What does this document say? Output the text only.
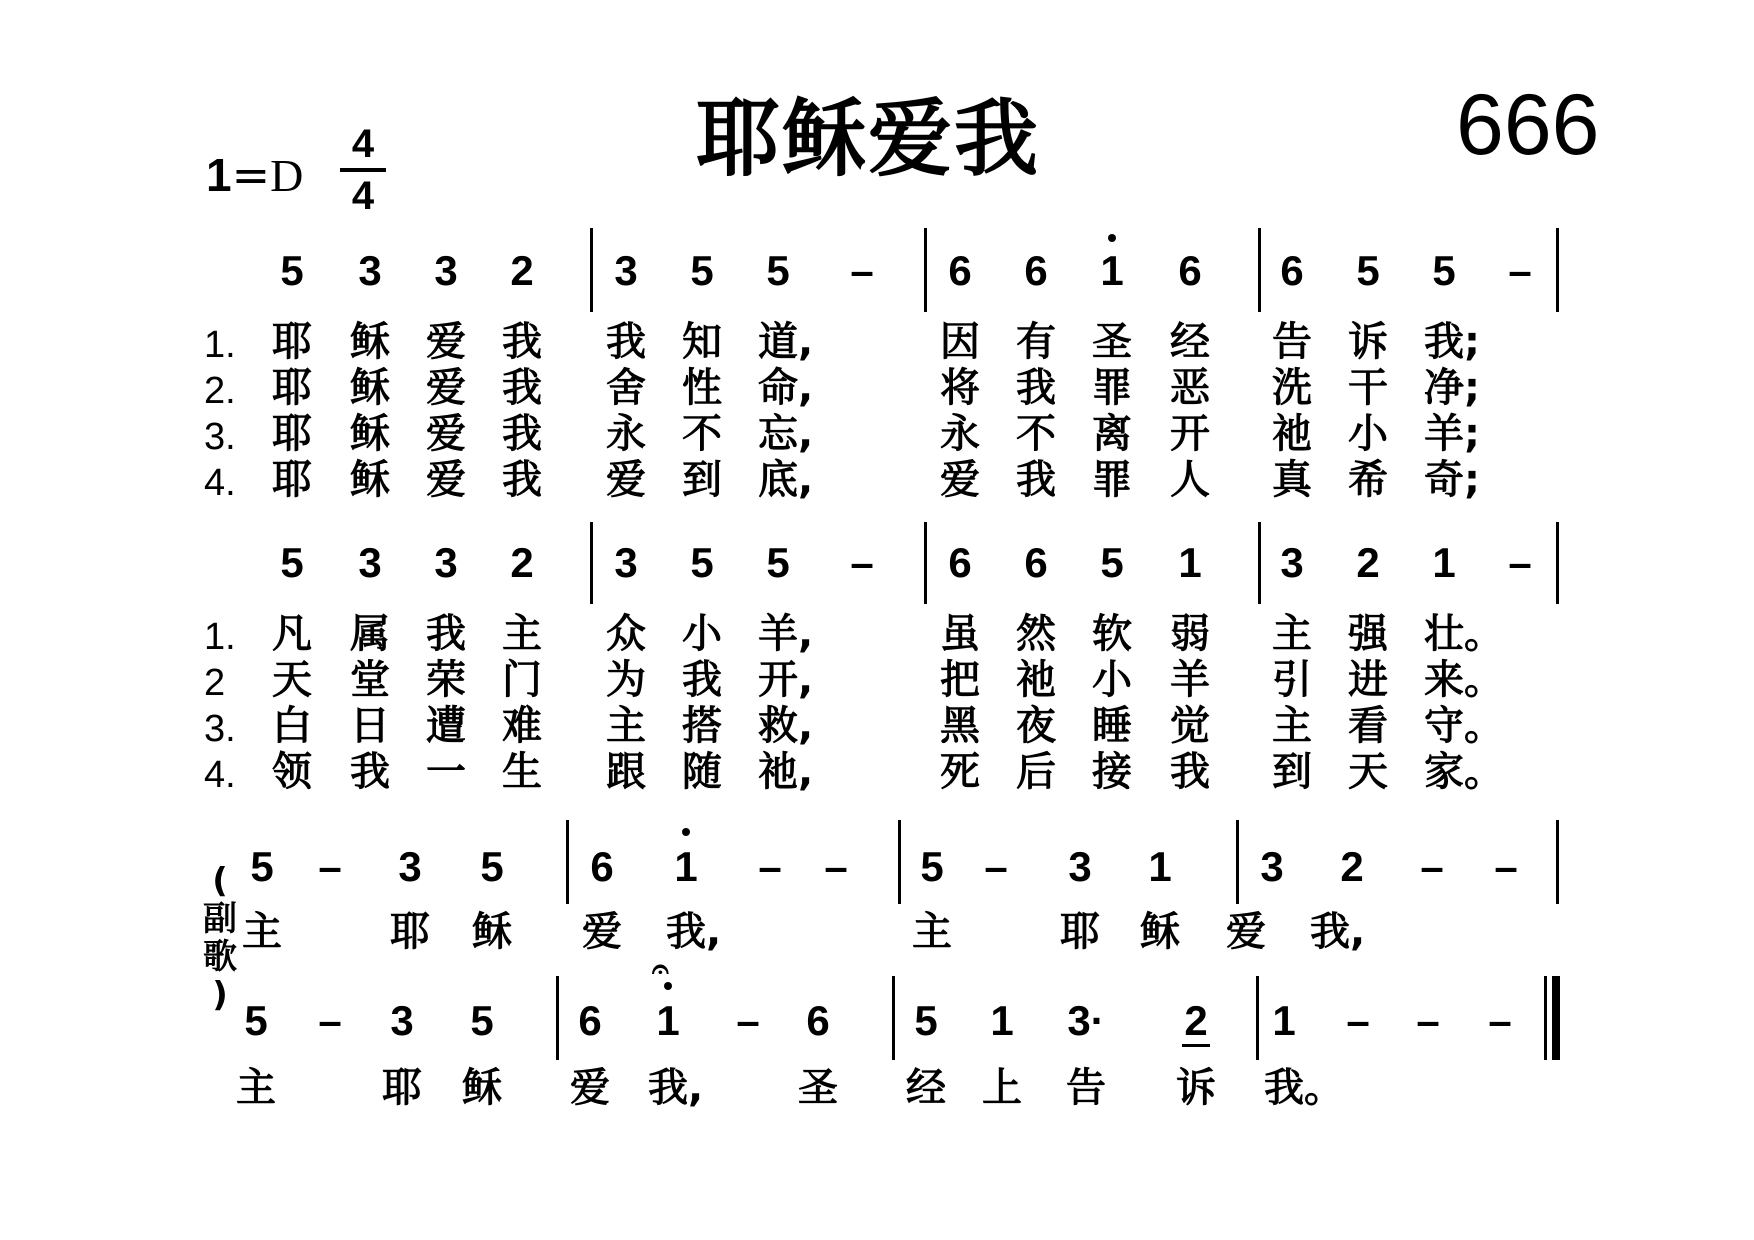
耶稣爱我	666
1=D
4
4
5 3 3 2 3 5 5 – 6 6 1 6 6 5 5 –
1. 耶 稣 爱 我 我 知 道,	因 有 圣 经 告 诉 我;
2. 耶 稣 爱 我 舍 性 命,	将 我 罪 恶 洗 干 净;
3. 耶 稣 爱 我 永 不 忘,	永 不 离 开 祂 小 羊;
4. 耶 稣 爱 我 爱 到 底,	爱 我 罪 人 真 希 奇;
5 3 3 2 3 5 5 – 6 6 5 1 3 2 1 –
1. 凡 属 我 主 众 小 羊,	虽 然 软 弱 主 强 壮。
2 天 堂 荣 门 为 我 开,	把 祂 小 羊 引 进 来。
3. 白 日 遭 难 主 搭 救,	黑 夜 睡 觉 主 看 守。
4. 领 我 一 生 跟 随 祂,	死 后 接 我 到 天 家。
5 – 3 5 6 1 – – 5 – 3 1 3 2 – –
主	耶 稣 爱 我,	主	耶 稣 爱 我,
5 – 3 5 6 1 – 6 5 1 3· 2 1 – – –
𝄐
主	耶 稣 爱 我, 圣 经 上 告 诉 我。
(
副
歌
)
